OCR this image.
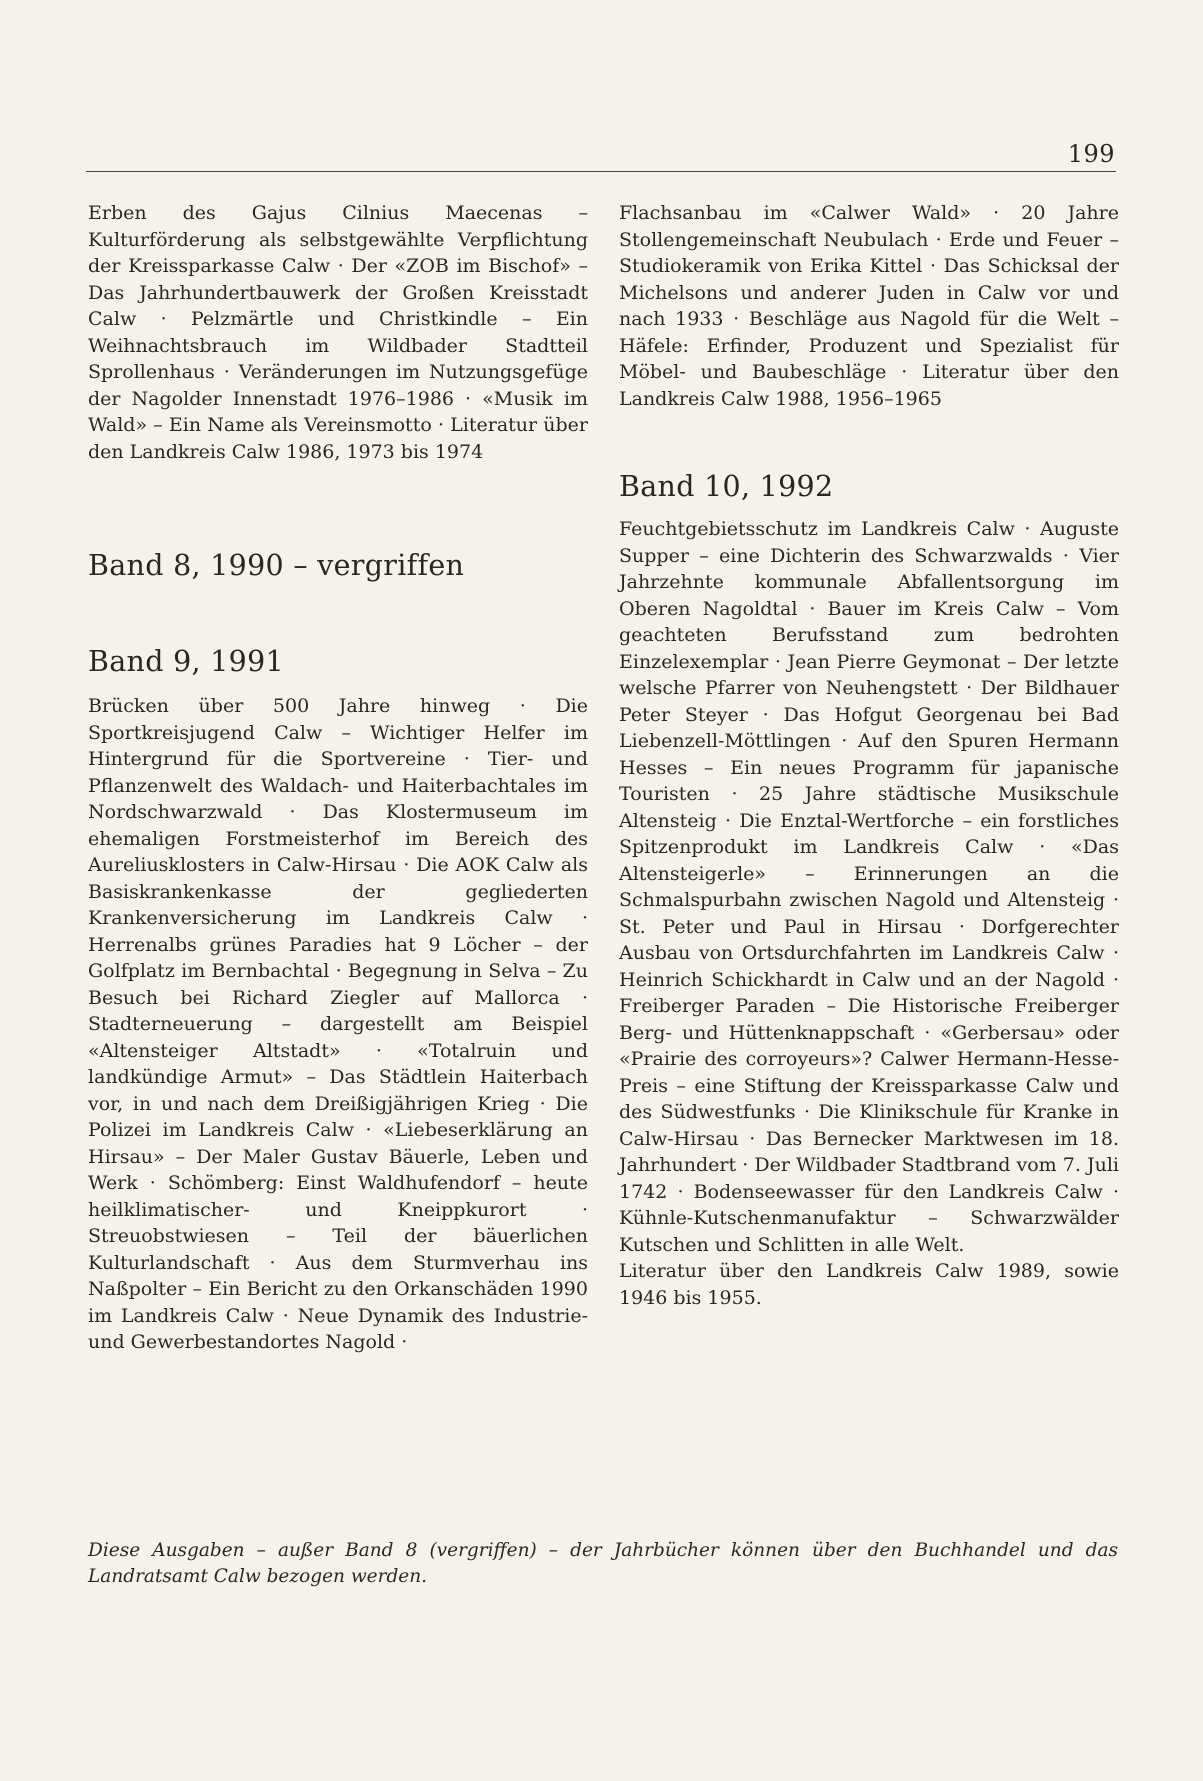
199

Erben des Gajus Cilnius Maecenas – Kulturförderung als selbstgewählte Verpflichtung der Kreissparkasse Calw · Der «ZOB im Bischof» – Das Jahrhundertbauwerk der Großen Kreisstadt Calw · Pelzmärtle und Christkindle – Ein Weihnachtsbrauch im Wildbader Stadtteil Sprollenhaus · Veränderungen im Nutzungsgefüge der Nagolder Innenstadt 1976–1986 · «Musik im Wald» – Ein Name als Vereinsmotto · Literatur über den Landkreis Calw 1986, 1973 bis 1974

Band 8, 1990 – vergriffen
Band 9, 1991

Brücken über 500 Jahre hinweg · Die Sportkreisjugend Calw – Wichtiger Helfer im Hintergrund für die Sportvereine · Tier- und Pflanzenwelt des Waldach- und Haiterbachtales im Nordschwarzwald · Das Klostermuseum im ehemaligen Forstmeisterhof im Bereich des Aureliusklosters in Calw-Hirsau · Die AOK Calw als Basiskrankenkasse der gegliederten Krankenversicherung im Landkreis Calw · Herrenalbs grünes Paradies hat 9 Löcher – der Golfplatz im Bernbachtal · Begegnung in Selva – Zu Besuch bei Richard Ziegler auf Mallorca · Stadterneuerung – dargestellt am Beispiel «Altensteiger Altstadt» · «Totalruin und landkündige Armut» – Das Städtlein Haiterbach vor, in und nach dem Dreißigjährigen Krieg · Die Polizei im Landkreis Calw · «Liebeserklärung an Hirsau» – Der Maler Gustav Bäuerle, Leben und Werk · Schömberg: Einst Waldhufendorf – heute heilklimatischer- und Kneippkurort · Streuobstwiesen – Teil der bäuerlichen Kulturlandschaft · Aus dem Sturmverhau ins Naßpolter – Ein Bericht zu den Orkanschäden 1990 im Landkreis Calw · Neue Dynamik des Industrie- und Gewerbestandortes Nagold ·

Flachsanbau im «Calwer Wald» · 20 Jahre Stollengemeinschaft Neubulach · Erde und Feuer – Studiokeramik von Erika Kittel · Das Schicksal der Michelsons und anderer Juden in Calw vor und nach 1933 · Beschläge aus Nagold für die Welt – Häfele: Erfinder, Produzent und Spezialist für Möbel- und Baubeschläge · Literatur über den Landkreis Calw 1988, 1956–1965

Band 10, 1992

Feuchtgebietsschutz im Landkreis Calw · Auguste Supper – eine Dichterin des Schwarzwalds · Vier Jahrzehnte kommunale Abfallentsorgung im Oberen Nagoldtal · Bauer im Kreis Calw – Vom geachteten Berufsstand zum bedrohten Einzelexemplar · Jean Pierre Geymonat – Der letzte welsche Pfarrer von Neuhengstett · Der Bildhauer Peter Steyer · Das Hofgut Georgenau bei Bad Liebenzell-Möttlingen · Auf den Spuren Hermann Hesses – Ein neues Programm für japanische Touristen · 25 Jahre städtische Musikschule Altensteig · Die Enztal-Wertforche – ein forstliches Spitzenprodukt im Landkreis Calw · «Das Altensteigerle» – Erinnerungen an die Schmalspurbahn zwischen Nagold und Altensteig · St. Peter und Paul in Hirsau · Dorfgerechter Ausbau von Ortsdurchfahrten im Landkreis Calw · Heinrich Schickhardt in Calw und an der Nagold · Freiberger Paraden – Die Historische Freiberger Berg- und Hüttenknappschaft · «Gerbersau» oder «Prairie des corroyeurs»? Calwer Hermann-Hesse-Preis – eine Stiftung der Kreissparkasse Calw und des Südwestfunks · Die Klinikschule für Kranke in Calw-Hirsau · Das Bernecker Marktwesen im 18. Jahrhundert · Der Wildbader Stadtbrand vom 7. Juli 1742 · Bodenseewasser für den Landkreis Calw · Kühnle-Kutschenmanufaktur – Schwarzwälder Kutschen und Schlitten in alle Welt.

Literatur über den Landkreis Calw 1989, sowie 1946 bis 1955.

Diese Ausgaben – außer Band 8 (vergriffen) – der Jahrbücher können über den Buchhandel und das Landratsamt Calw bezogen werden.
